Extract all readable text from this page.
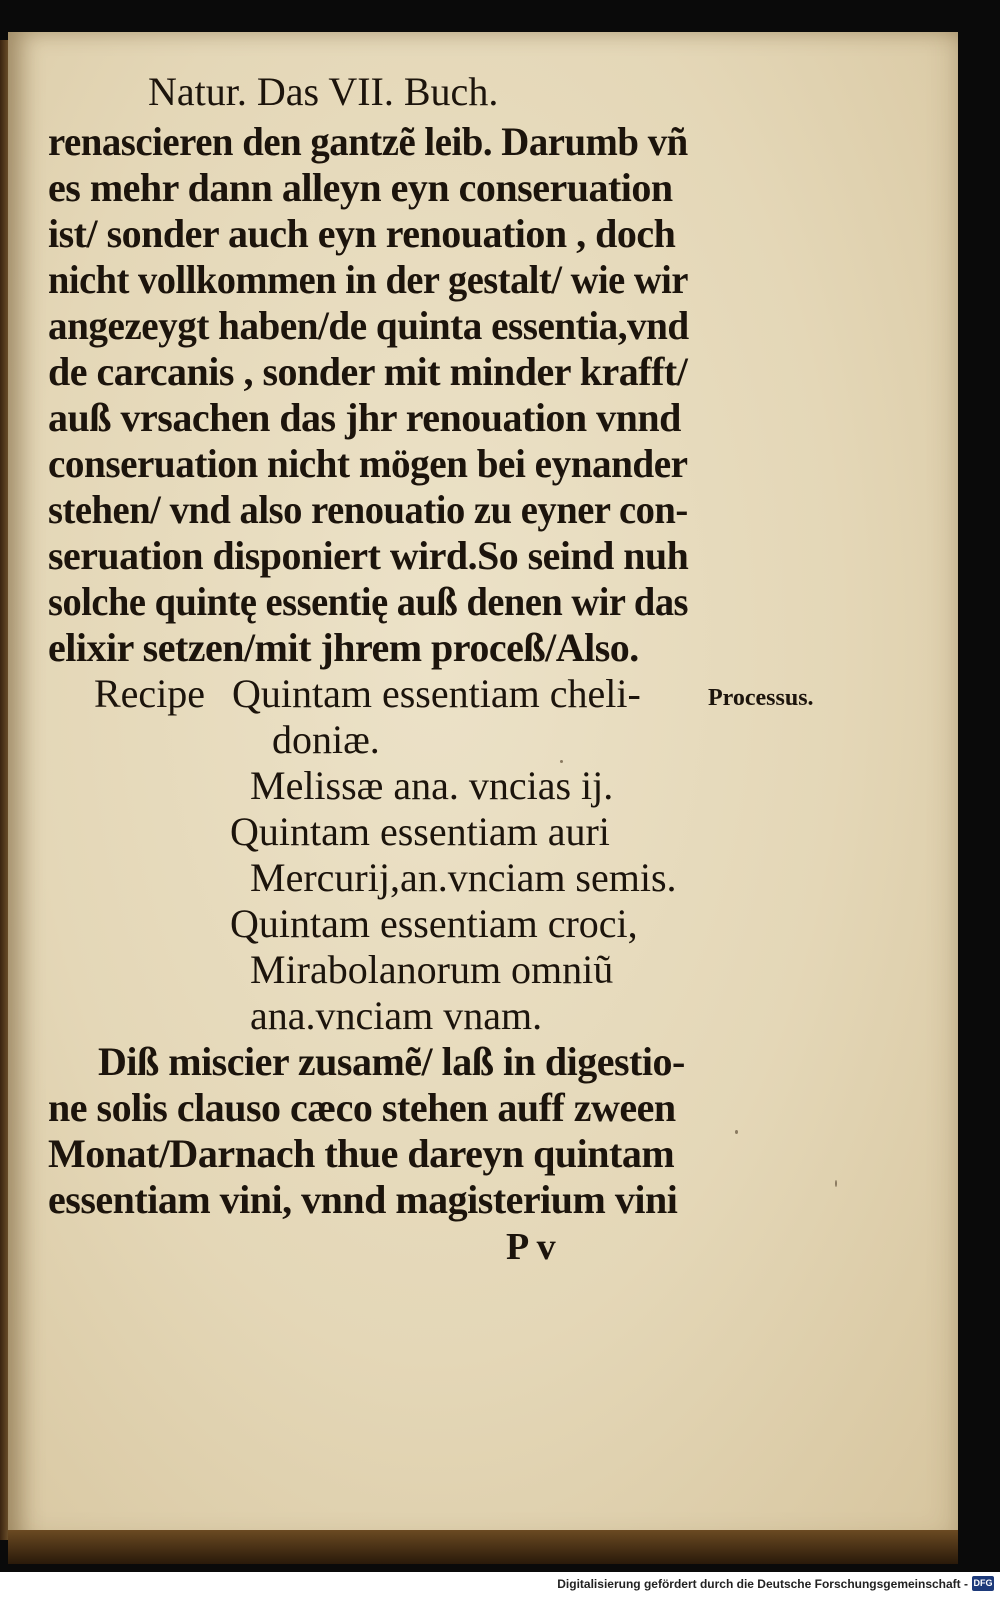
Natur. Das VII. Buch.
renascieren den gantzẽ leib. Darumb vñ
es mehr dann alleyn eyn conseruation
ist/ sonder auch eyn renouation , doch
nicht vollkommen in der gestalt/ wie wir
angezeygt haben/de quinta essentia,vnd
de carcanis , sonder mit minder krafft/
auß vrsachen das jhr renouation vnnd
conseruation nicht mögen bei eynander
stehen/ vnd also renouatio zu eyner con-
seruation disponiert wird.So seind nuh
solche quintę essentię auß denen wir das
elixir setzen/mit jhrem proceß/Also.
Recipe Quintam essentiam cheli-
doniæ.
Melissæ ana. vncias ij.
Quintam essentiam auri
Mercurij,an.vnciam semis.
Quintam essentiam croci,
Mirabolanorum omniũ
ana.vnciam vnam.
Processus.
Diß miscier zusamẽ/ laß in digestio-
ne solis clauso cæco stehen auff zween
Monat/Darnach thue dareyn quintam
essentiam vini, vnnd magisterium vini
P v
Digitalisierung gefördert durch die Deutsche Forschungsgemeinschaft - DFG
